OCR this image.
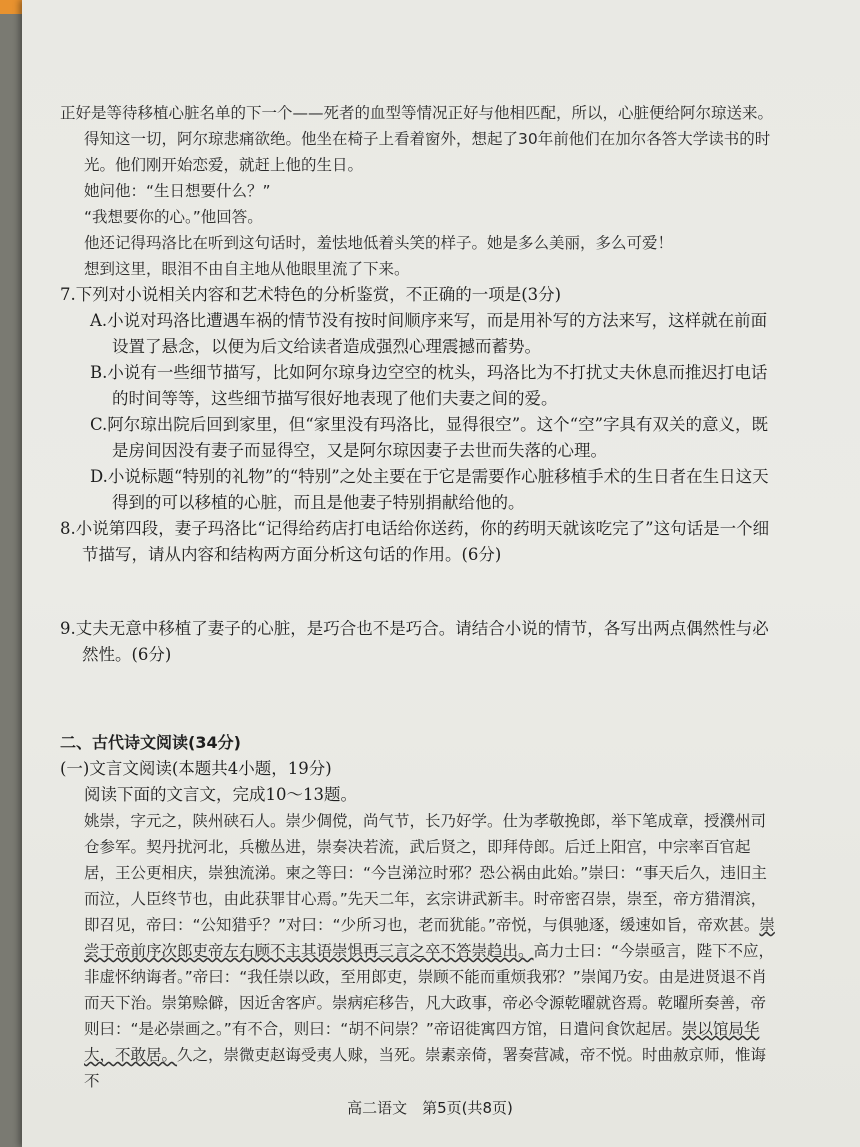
正好是等待移植心脏名单的下一个——死者的血型等情况正好与他相匹配，所以，心脏便给阿尔琼送来。

得知这一切，阿尔琼悲痛欲绝。他坐在椅子上看着窗外，想起了30年前他们在加尔各答大学读书的时光。他们刚开始恋爱，就赶上他的生日。

她问他：“生日想要什么？”

“我想要你的心。”他回答。

他还记得玛洛比在听到这句话时，羞怯地低着头笑的样子。她是多么美丽，多么可爱！

想到这里，眼泪不由自主地从他眼里流了下来。

7.下列对小说相关内容和艺术特色的分析鉴赏，不正确的一项是(3分)

A.小说对玛洛比遭遇车祸的情节没有按时间顺序来写，而是用补写的方法来写，这样就在前面设置了悬念，以便为后文给读者造成强烈心理震撼而蓄势。

B.小说有一些细节描写，比如阿尔琼身边空空的枕头，玛洛比为不打扰丈夫休息而推迟打电话的时间等等，这些细节描写很好地表现了他们夫妻之间的爱。

C.阿尔琼出院后回到家里，但“家里没有玛洛比，显得很空”。这个“空”字具有双关的意义，既是房间因没有妻子而显得空，又是阿尔琼因妻子去世而失落的心理。

D.小说标题“特别的礼物”的“特别”之处主要在于它是需要作心脏移植手术的生日者在生日这天得到的可以移植的心脏，而且是他妻子特别捐献给他的。

8.小说第四段，妻子玛洛比“记得给药店打电话给你送药，你的药明天就该吃完了”这句话是一个细节描写，请从内容和结构两方面分析这句话的作用。(6分)

9.丈夫无意中移植了妻子的心脏，是巧合也不是巧合。请结合小说的情节，各写出两点偶然性与必然性。(6分)

二、古代诗文阅读(34分)

(一)文言文阅读(本题共4小题，19分)

阅读下面的文言文，完成10～13题。

姚崇，字元之，陕州硖石人。崇少倜傥，尚气节，长乃好学。仕为孝敬挽郎，举下笔成章，授濮州司仓参军。契丹扰河北，兵檄丛进，崇奏决若流，武后贤之，即拜侍郎。后迁上阳宫，中宗率百官起居，王公更相庆，崇独流涕。柬之等曰：“今岂涕泣时邪？恐公祸由此始。”崇曰：“事天后久，违旧主而泣，人臣终节也，由此获罪甘心焉。”先天二年，玄宗讲武新丰。时帝密召崇，崇至，帝方猎渭滨，即召见，帝曰：“公知猎乎？”对曰：“少所习也，老而犹能。”帝悦，与俱驰逐，缓速如旨，帝欢甚。崇尝于帝前序次郎吏帝左右顾不主其语崇惧再三言之卒不答崇趋出。高力士曰：“今崇亟言，陛下不应，非虚怀纳诲者。”帝曰：“我任崇以政，至用郎吏，崇顾不能而重烦我邪？”崇闻乃安。由是进贤退不肖而天下治。崇第赊僻，因近舍客庐。崇病疟移告，凡大政事，帝必令源乾曜就咨焉。乾曜所奏善，帝则曰：“是必崇画之。”有不合，则曰：“胡不问崇？”帝诏徙寓四方馆，日遣问食饮起居。崇以馆局华大，不敢居。久之，崇微吏赵诲受夷人赇，当死。崇素亲倚，署奏营减，帝不悦。时曲赦京师，惟诲不

高二语文　第5页(共8页)
